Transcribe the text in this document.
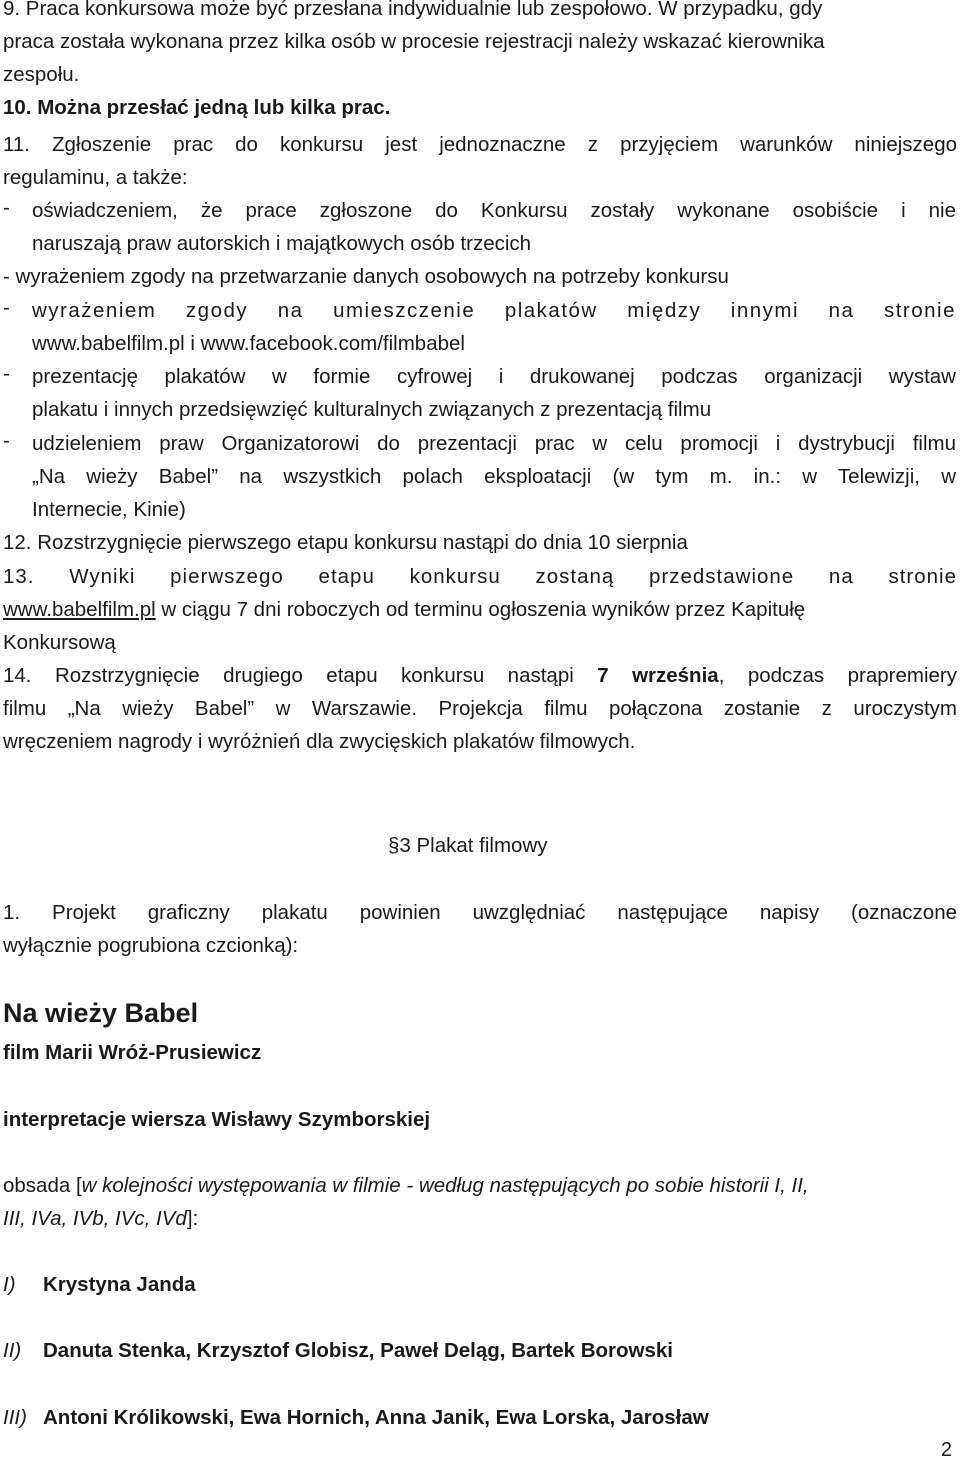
9. Praca konkursowa może być przesłana indywidualnie lub zespołowo. W przypadku, gdy
praca została wykonana przez kilka osób w procesie rejestracji należy wskazać kierownika
zespołu.
10. Można przesłać jedną lub kilka prac.
11. Zgłoszenie prac do konkursu jest jednoznaczne z przyjęciem warunków niniejszego
regulaminu, a także:
- oświadczeniem, że prace zgłoszone do Konkursu zostały wykonane osobiście i nie
naruszają praw autorskich i majątkowych osób trzecich
- wyrażeniem zgody na przetwarzanie danych osobowych na potrzeby konkursu
- wyrażeniem zgody na umieszczenie plakatów między innymi na stronie
www.babelfilm.pl i www.facebook.com/filmbabel
- prezentację plakatów w formie cyfrowej i drukowanej podczas organizacji wystaw
plakatu i innych przedsięwzięć kulturalnych związanych z prezentacją filmu
- udzieleniem praw Organizatorowi do prezentacji prac w celu promocji i dystrybucji filmu
„Na wieży Babel” na wszystkich polach eksploatacji (w tym m. in.: w Telewizji, w
Internecie, Kinie)
12. Rozstrzygnięcie pierwszego etapu konkursu nastąpi do dnia 10 sierpnia
13. Wyniki pierwszego etapu konkursu zostaną przedstawione na stronie
www.babelfilm.pl w ciągu 7 dni roboczych od terminu ogłoszenia wyników przez Kapitułę
Konkursową
14. Rozstrzygnięcie drugiego etapu konkursu nastąpi 7 września, podczas prapremiery
filmu „Na wieży Babel” w Warszawie. Projekcja filmu połączona zostanie z uroczystym
wręczeniem nagrody i wyróżnień dla zwycięskich plakatów filmowych.
§3 Plakat filmowy
1. Projekt graficzny plakatu powinien uwzględniać następujące napisy (oznaczone
wyłącznie pogrubiona czcionką):
Na wieży Babel
film Marii Wróż-Prusiewicz
interpretacje wiersza Wisławy Szymborskiej
obsada [w kolejności występowania w filmie - według następujących po sobie historii I, II,
III, IVa, IVb, IVc, IVd]:
I) Krystyna Janda
II) Danuta Stenka, Krzysztof Globisz, Paweł Deląg, Bartek Borowski
III) Antoni Królikowski, Ewa Hornich, Anna Janik, Ewa Lorska, Jarosław
2
